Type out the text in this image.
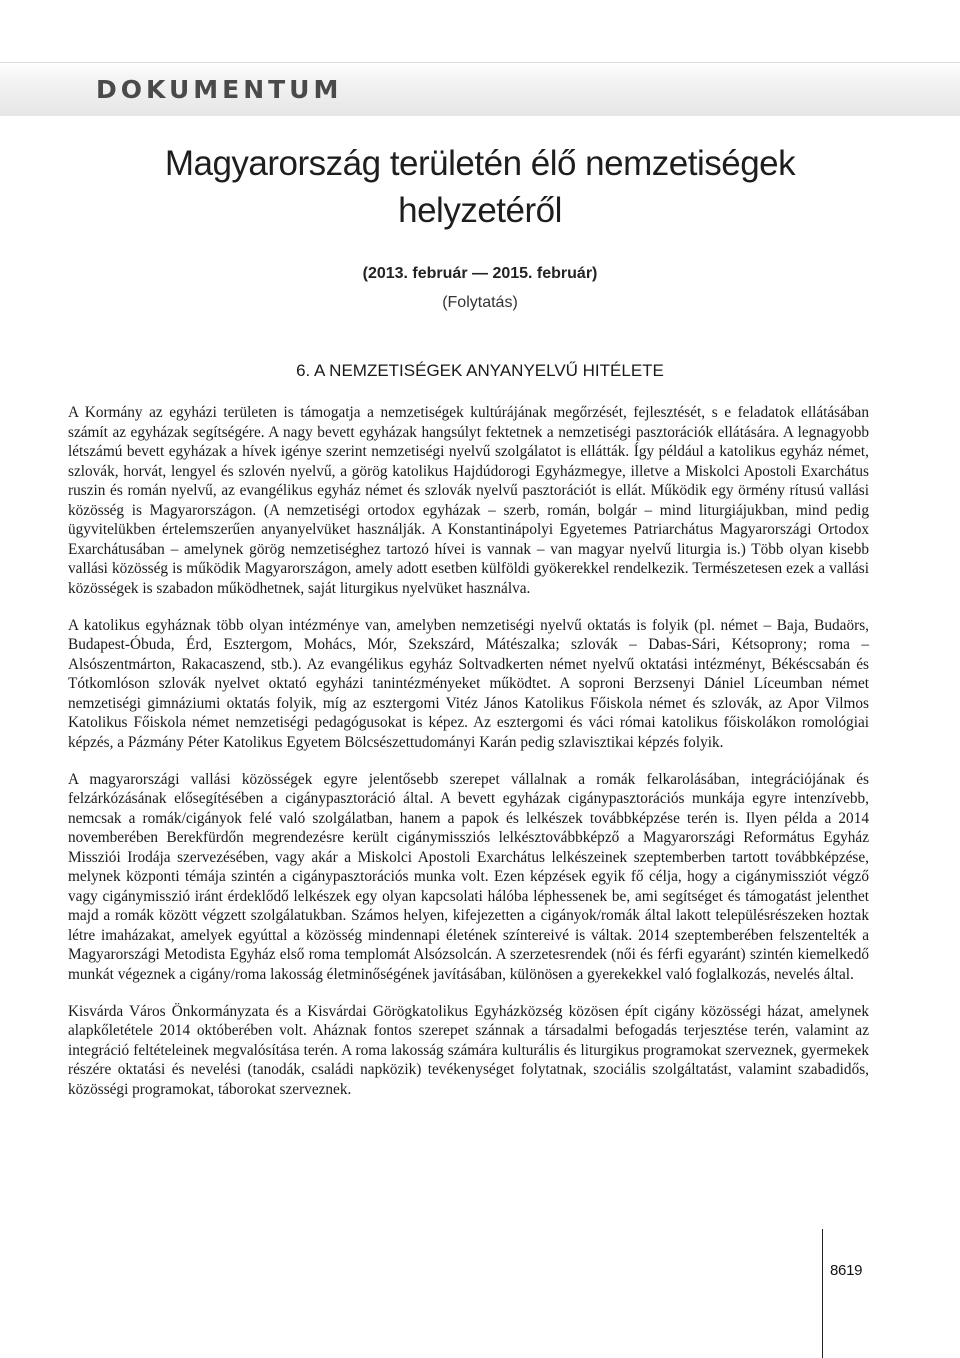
DOKUMENTUM
Magyarország területén élő nemzetiségek
helyzetéről

(2013. február — 2015. február)

(Folytatás)

6. A NEMZETISÉGEK ANYANYELVŰ HITÉLETE

A Kormány az egyházi területen is támogatja a nemzetiségek kultúrájának megőrzését, fejlesztését, s e feladatok ellátásában számít az egyházak segítségére. A nagy bevett egyházak hangsúlyt fektetnek a nemzetiségi pasztorációk ellátására. A legnagyobb létszámú bevett egyházak a hívek igénye szerint nemzetiségi nyelvű szolgálatot is ellátták. Így például a katolikus egyház német, szlovák, horvát, lengyel és szlovén nyelvű, a görög katolikus Hajdúdorogi Egyházmegye, illetve a Miskolci Apostoli Exarchátus ruszin és román nyelvű, az evangélikus egyház német és szlovák nyelvű pasztorációt is ellát. Működik egy örmény rítusú vallási közösség is Magyarországon. (A nemzetiségi ortodox egyházak – szerb, román, bolgár – mind liturgiájukban, mind pedig ügyvitelükben értelemszerűen anyanyelvüket használják. A Konstantinápolyi Egyetemes Patriarchátus Magyarországi Ortodox Exarchátusában – amelynek görög nemzetiséghez tartozó hívei is vannak – van magyar nyelvű liturgia is.) Több olyan kisebb vallási közösség is működik Magyarországon, amely adott esetben külföldi gyökerekkel rendelkezik. Természetesen ezek a vallási közösségek is szabadon működhetnek, saját liturgikus nyelvüket használva.

A katolikus egyháznak több olyan intézménye van, amelyben nemzetiségi nyelvű oktatás is folyik (pl. német – Baja, Budaörs, Budapest-Óbuda, Érd, Esztergom, Mohács, Mór, Szekszárd, Mátészalka; szlovák – Dabas-Sári, Kétsoprony; roma – Alsószentmárton, Rakacaszend, stb.). Az evangélikus egyház Soltvadkerten német nyelvű oktatási intézményt, Békéscsabán és Tótkomlóson szlovák nyelvet oktató egyházi tanintézményeket működtet. A soproni Berzsenyi Dániel Líceumban német nemzetiségi gimnáziumi oktatás folyik, míg az esztergomi Vitéz János Katolikus Főiskola német és szlovák, az Apor Vilmos Katolikus Főiskola német nemzetiségi pedagógusokat is képez. Az esztergomi és váci római katolikus főiskolákon romológiai képzés, a Pázmány Péter Katolikus Egyetem Bölcsészettudományi Karán pedig szlavisztikai képzés folyik.

A magyarországi vallási közösségek egyre jelentősebb szerepet vállalnak a romák felkarolásában, integrációjának és felzárkózásának elősegítésében a cigánypasztoráció által. A bevett egyházak cigánypasztorációs munkája egyre intenzívebb, nemcsak a romák/cigányok felé való szolgálatban, hanem a papok és lelkészek továbbképzése terén is. Ilyen példa a 2014 novemberében Berekfürdőn megrendezésre került cigánymissziós lelkésztovábbképző a Magyarországi Református Egyház Missziói Irodája szervezésében, vagy akár a Miskolci Apostoli Exarchátus lelkészeinek szeptemberben tartott továbbképzése, melynek központi témája szintén a cigánypasztorációs munka volt. Ezen képzések egyik fő célja, hogy a cigánymissziót végző vagy cigánymisszió iránt érdeklődő lelkészek egy olyan kapcsolati hálóba léphessenek be, ami segítséget és támogatást jelenthet majd a romák között végzett szolgálatukban. Számos helyen, kifejezetten a cigányok/romák által lakott településrészeken hoztak létre imaházakat, amelyek egyúttal a közösség mindennapi életének színtereivé is váltak. 2014 szeptemberében felszentelték a Magyarországi Metodista Egyház első roma templomát Alsózsolcán. A szerzetesrendek (női és férfi egyaránt) szintén kiemelkedő munkát végeznek a cigány/roma lakosság életminőségének javításában, különösen a gyerekekkel való foglalkozás, nevelés által.

Kisvárda Város Önkormányzata és a Kisvárdai Görögkatolikus Egyházközség közösen épít cigány közösségi házat, amelynek alapkőletétele 2014 októberében volt. Aháznak fontos szerepet szánnak a társadalmi befogadás terjesztése terén, valamint az integráció feltételeinek megvalósítása terén. A roma lakosság számára kulturális és liturgikus programokat szerveznek, gyermekek részére oktatási és nevelési (tanodák, családi napközik) tevékenységet folytatnak, szociális szolgáltatást, valamint szabadidős, közösségi programokat, táborokat szerveznek.

8619
